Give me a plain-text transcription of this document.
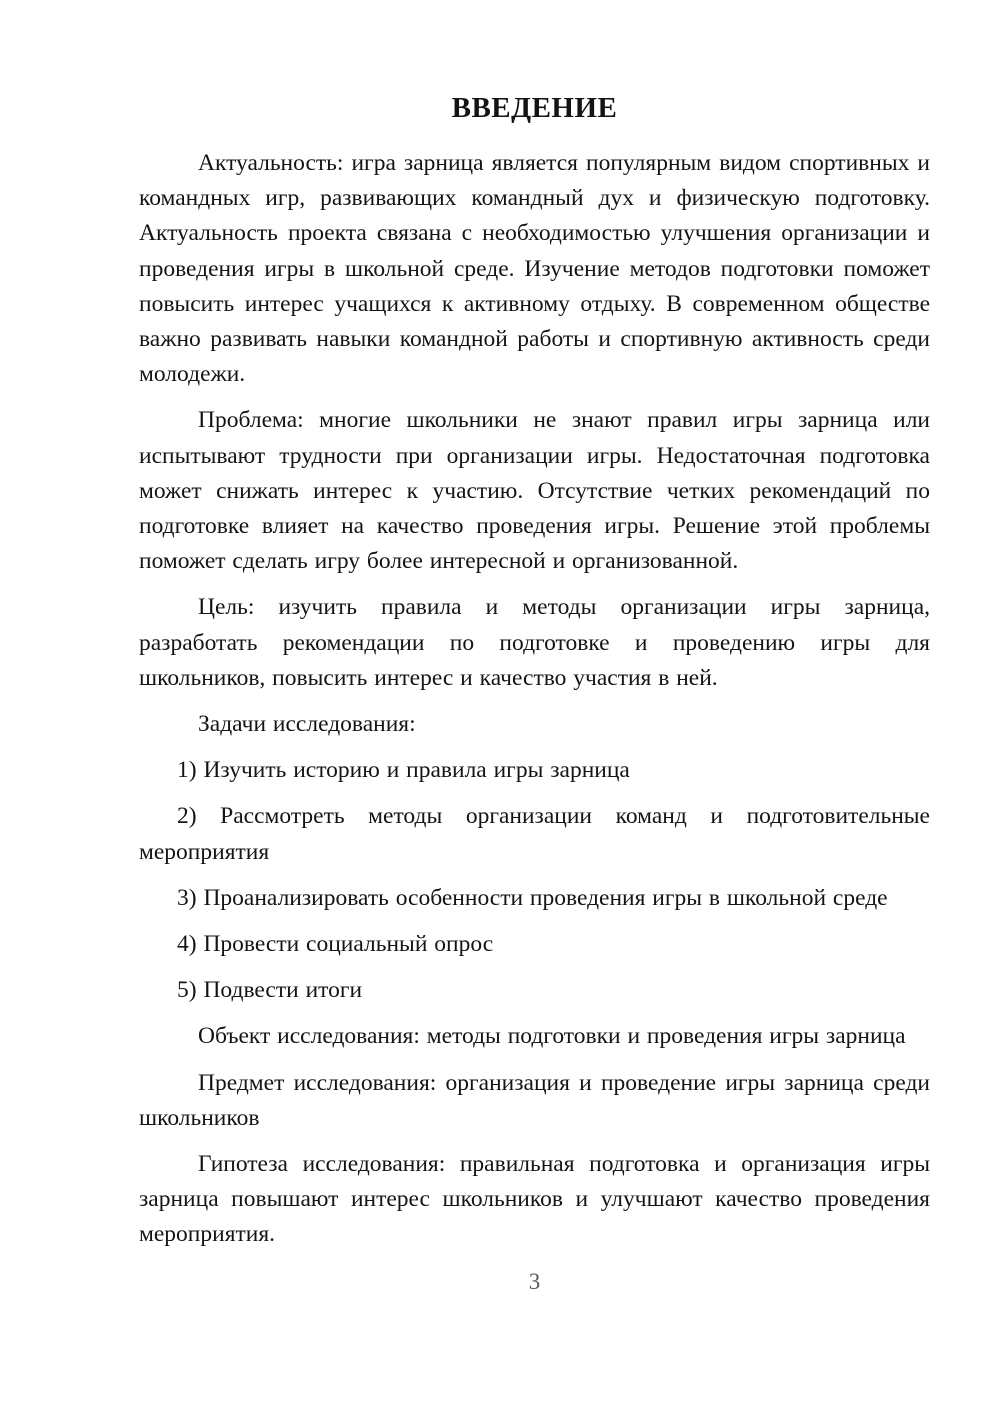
ВВЕДЕНИЕ

Актуальность: игра зарница является популярным видом спортивных и командных игр, развивающих командный дух и физическую подготовку. Актуальность проекта связана с необходимостью улучшения организации и проведения игры в школьной среде. Изучение методов подготовки поможет повысить интерес учащихся к активному отдыху. В современном обществе важно развивать навыки командной работы и спортивную активность среди молодежи.

Проблема: многие школьники не знают правил игры зарница или испытывают трудности при организации игры. Недостаточная подготовка может снижать интерес к участию. Отсутствие четких рекомендаций по подготовке влияет на качество проведения игры. Решение этой проблемы поможет сделать игру более интересной и организованной.

Цель: изучить правила и методы организации игры зарница, разработать рекомендации по подготовке и проведению игры для школьников, повысить интерес и качество участия в ней.

Задачи исследования:

1) Изучить историю и правила игры зарница

2) Рассмотреть методы организации команд и подготовительные мероприятия

3) Проанализировать особенности проведения игры в школьной среде

4) Провести социальный опрос

5) Подвести итоги

Объект исследования: методы подготовки и проведения игры зарница

Предмет исследования: организация и проведение игры зарница среди школьников

Гипотеза исследования: правильная подготовка и организация игры зарница повышают интерес школьников и улучшают качество проведения мероприятия.

3
